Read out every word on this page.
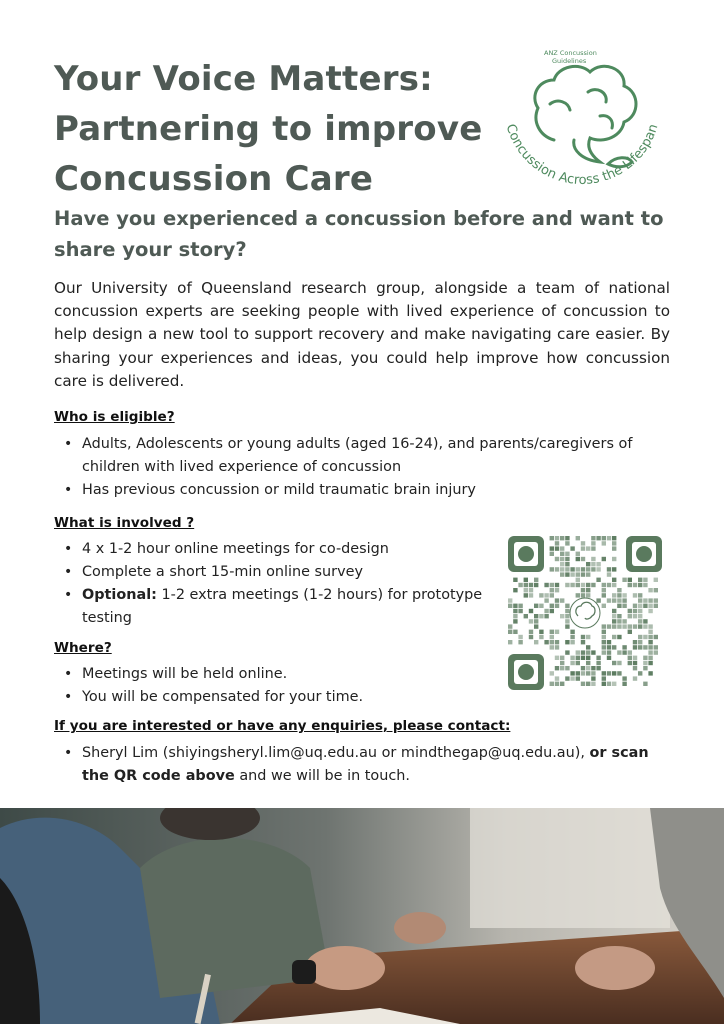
Your Voice Matters:
Partnering to improve
Concussion Care
ANZ Concussion
Guidelines
Concussion Across the Lifespan
Have you experienced a concussion before and want to share your story?

Our University of Queensland research group, alongside a team of national concussion experts are seeking people with lived experience of concussion to help design a new tool to support recovery and make navigating care easier. By sharing your experiences and ideas, you could help improve how concussion care is delivered.

Who is eligible?
• Adults, Adolescents or young adults (aged 16-24), and parents/caregivers of children with lived experience of concussion
• Has previous concussion or mild traumatic brain injury
What is involved ?
• 4 x 1-2 hour online meetings for co-design
• Complete a short 15-min online survey
• Optional: 1-2 extra meetings (1-2 hours) for prototype testing
Where?
• Meetings will be held online.
• You will be compensated for your time.
If you are interested or have any enquiries, please contact:
• Sheryl Lim (shiyingsheryl.lim@uq.edu.au or mindthegap@uq.edu.au), or scan the QR code above and we will be in touch.
